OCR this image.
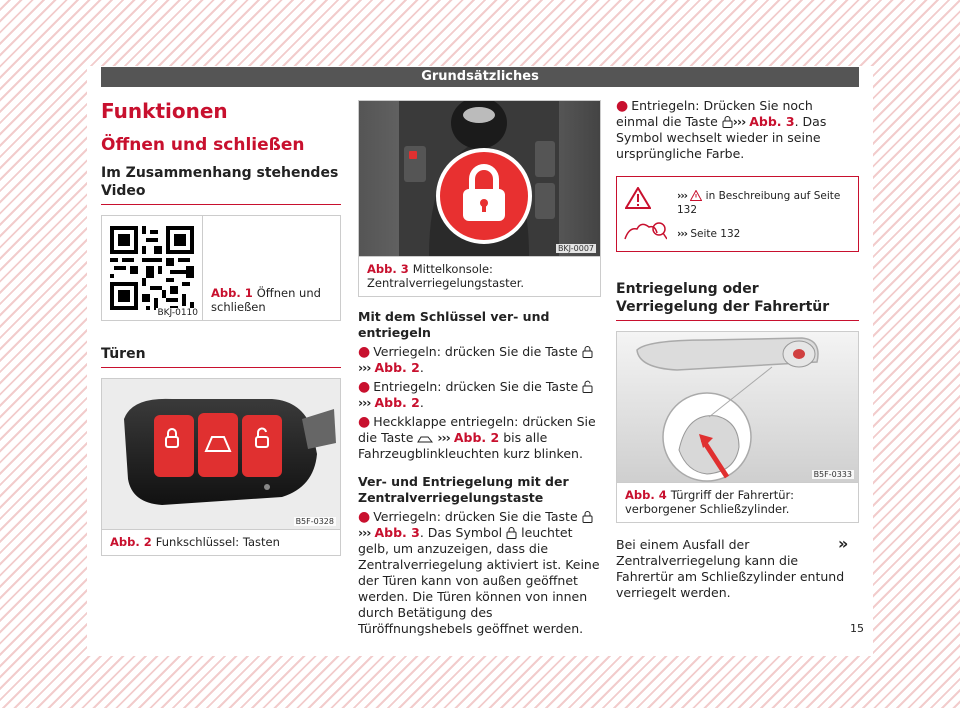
Grundsätzliches
Funktionen
Öffnen und schließen
Im Zusammenhang stehendes Video
BKJ-0110
Abb. 1 Öffnen und schließen
Türen
B5F-0328
Abb. 2 Funkschlüssel: Tasten
BKJ-0007
Abb. 3 Mittelkonsole: Zentralverriegelungstaster.
Mit dem Schlüssel ver- und entriegeln
● Verriegeln: drücken Sie die Taste
››› Abb. 2.
● Entriegeln: drücken Sie die Taste
››› Abb. 2.
● Heckklappe entriegeln: drücken Sie die Taste ››› Abb. 2 bis alle Fahrzeugblinkleuchten kurz blinken.
Ver- und Entriegelung mit der Zentralverriegelungstaste
● Verriegeln: drücken Sie die Taste
››› Abb. 3. Das Symbol leuchtet gelb, um anzuzeigen, dass die Zentralverriegelung aktiviert ist. Keine der Türen kann von außen geöffnet werden. Die Türen können von innen durch Betätigung des Türöffnungshebels geöffnet werden.
● Entriegeln: Drücken Sie noch einmal die Taste ››› Abb. 3. Das Symbol wechselt wieder in seine ursprüngliche Farbe.
››› in Beschreibung auf Seite 132
››› Seite 132
Entriegelung oder Verriegelung der Fahrertür
B5F-0333
Abb. 4 Türgriff der Fahrertür: verborgener Schließzylinder.
Bei einem Ausfall der Zentralverriegelung kann die Fahrertür am Schließzylinder entund verriegelt werden.
»
15
